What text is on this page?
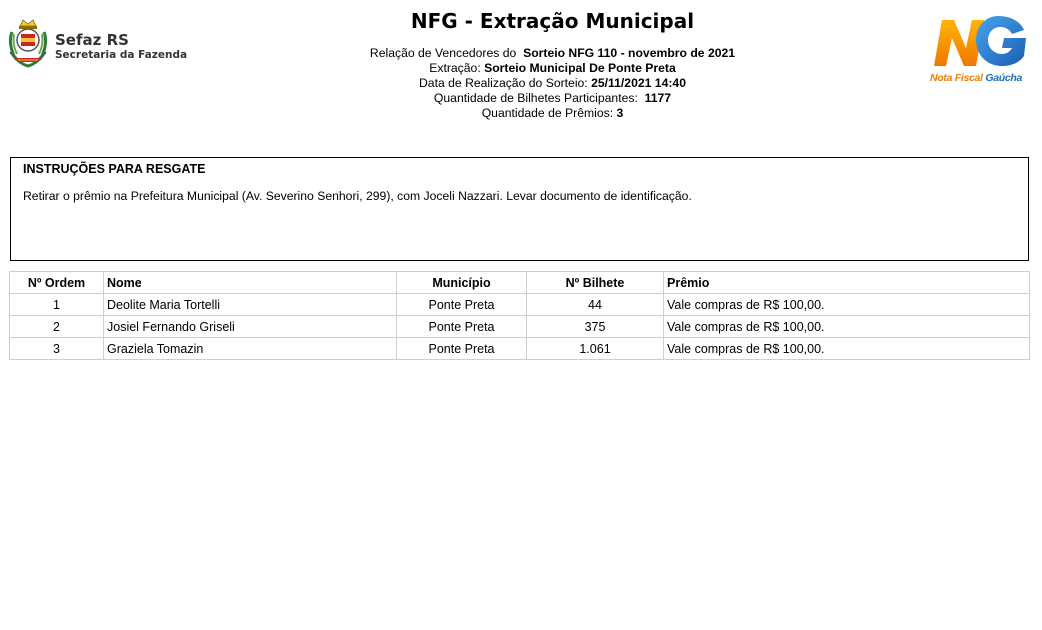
Sefaz RS
Secretaria da Fazenda
NFG - Extração Municipal
Relação de Vencedores do Sorteio NFG 110 - novembro de 2021
Extração: Sorteio Municipal De Ponte Preta
Data de Realização do Sorteio: 25/11/2021 14:40
Quantidade de Bilhetes Participantes: 1177
Quantidade de Prêmios: 3
Nota Fiscal Gaúcha
INSTRUÇÕES PARA RESGATE
Retirar o prêmio na Prefeitura Municipal (Av. Severino Senhori, 299), com Joceli Nazzari. Levar documento de identificação.
Nº Ordem	Nome	Município	Nº Bilhete	Prêmio
1	Deolite Maria Tortelli	Ponte Preta	44	Vale compras de R$ 100,00.
2	Josiel Fernando Griseli	Ponte Preta	375	Vale compras de R$ 100,00.
3	Graziela Tomazin	Ponte Preta	1.061	Vale compras de R$ 100,00.
